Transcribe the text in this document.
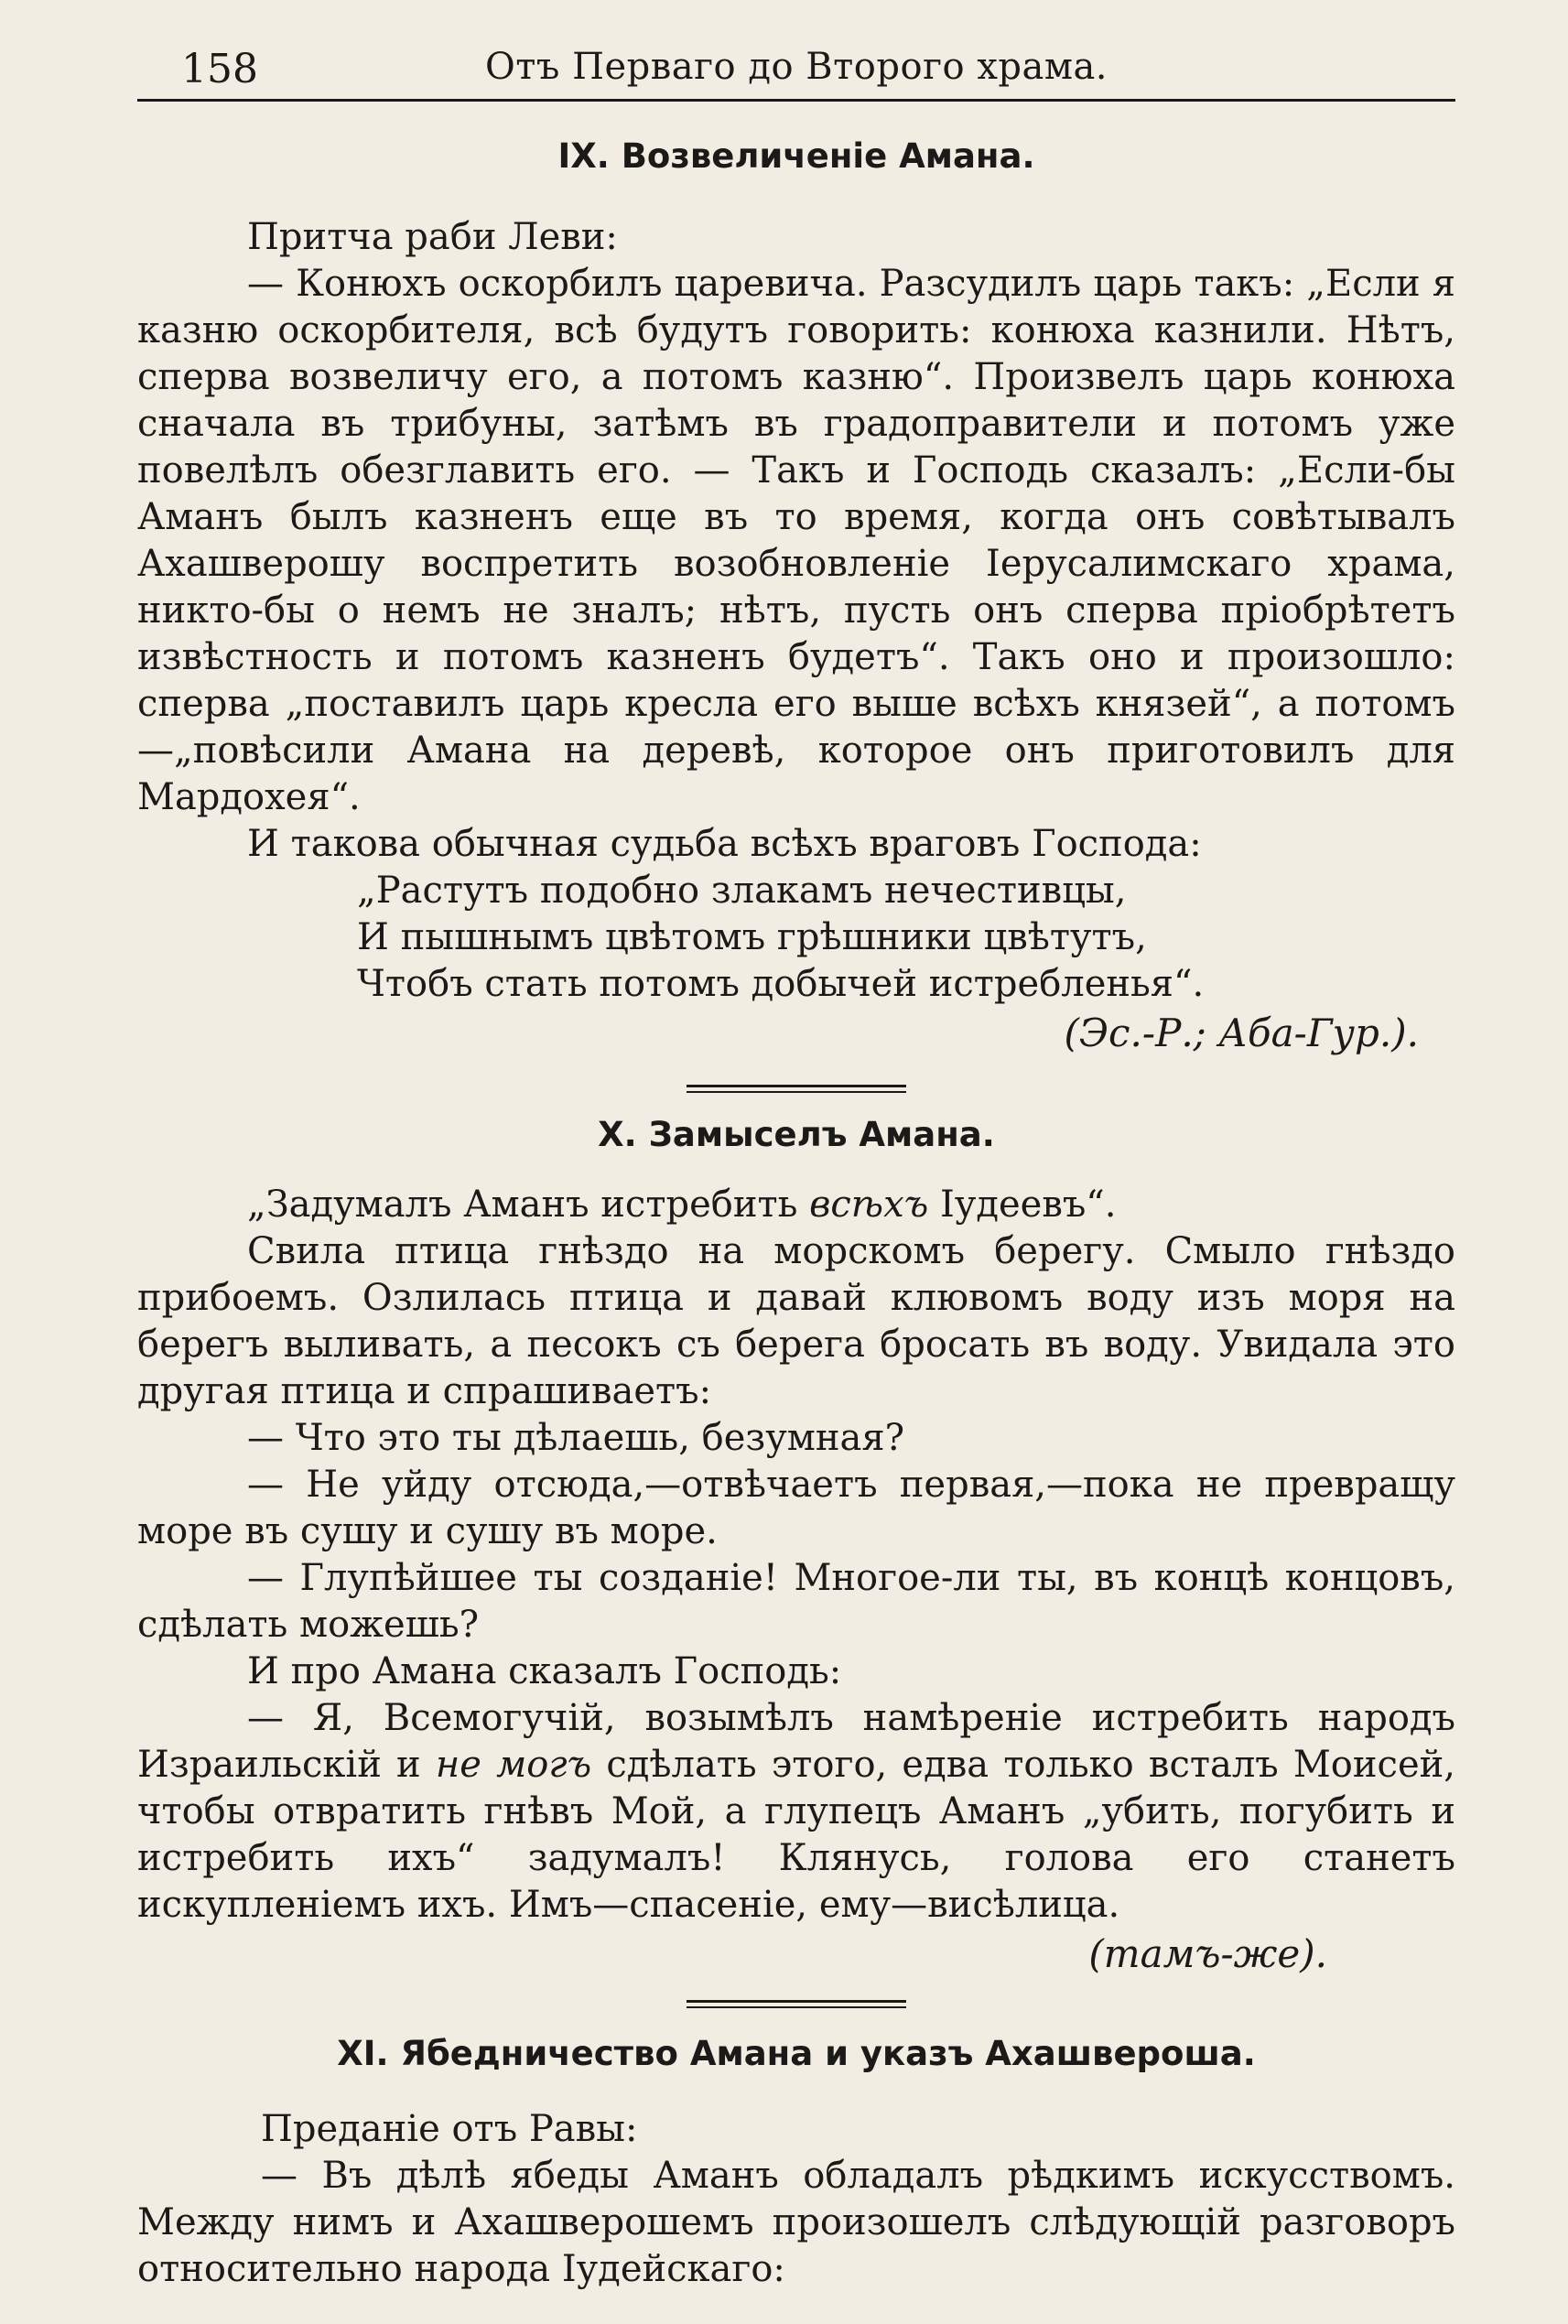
158	Отъ Перваго до Второго храма.
IX. Возвеличеніе Амана.

Притча раби Леви:

— Конюхъ оскорбилъ царевича. Разсудилъ царь такъ: „Если я казню оскорбителя, всѣ будутъ говорить: конюха казнили. Нѣтъ, сперва возвеличу его, а потомъ казню“. Произвелъ царь конюха сначала въ трибуны, затѣмъ въ градоправители и потомъ уже повелѣлъ обезглавить его. — Такъ и Господь сказалъ: „Если-бы Аманъ былъ казненъ еще въ то время, когда онъ совѣтывалъ Ахашверошу воспретить возобновленіе Іерусалимскаго храма, никто-бы о немъ не зналъ; нѣтъ, пусть онъ сперва пріобрѣтетъ извѣстность и потомъ казненъ будетъ“. Такъ оно и произошло: сперва „поставилъ царь кресла его выше всѣхъ князей“, а потомъ—„повѣсили Амана на деревѣ, которое онъ приготовилъ для Мардохея“.

И такова обычная судьба всѣхъ враговъ Господа:

„Растутъ подобно злакамъ нечестивцы,
И пышнымъ цвѣтомъ грѣшники цвѣтутъ,
Чтобъ стать потомъ добычей истребленья“.
(Эс.-Р.; Аба-Гур.).
X. Замыселъ Амана.

„Задумалъ Аманъ истребить всѣхъ Іудеевъ“.

Свила птица гнѣздо на морскомъ берегу. Смыло гнѣздо прибоемъ. Озлилась птица и давай клювомъ воду изъ моря на берегъ выливать, а песокъ съ берега бросать въ воду. Увидала это другая птица и спрашиваетъ:

— Что это ты дѣлаешь, безумная?

— Не уйду отсюда,—отвѣчаетъ первая,—пока не превращу море въ сушу и сушу въ море.

— Глупѣйшее ты созданіе! Многое-ли ты, въ концѣ концовъ, сдѣлать можешь?

И про Амана сказалъ Господь:

— Я, Всемогучій, возымѣлъ намѣреніе истребить народъ Израильскій и не могъ сдѣлать этого, едва только всталъ Моисей, чтобы отвратить гнѣвъ Мой, а глупецъ Аманъ „убить, погубить и истребить ихъ“ задумалъ! Клянусь, голова его станетъ искупленіемъ ихъ. Имъ—спасеніе, ему—висѣлица.

(тамъ-же).
XI. Ябедничество Амана и указъ Ахашвероша.

Преданіе отъ Равы:

— Въ дѣлѣ ябеды Аманъ обладалъ рѣдкимъ искусствомъ. Между нимъ и Ахашверошемъ произошелъ слѣдующій разговоръ относительно народа Іудейскаго:
